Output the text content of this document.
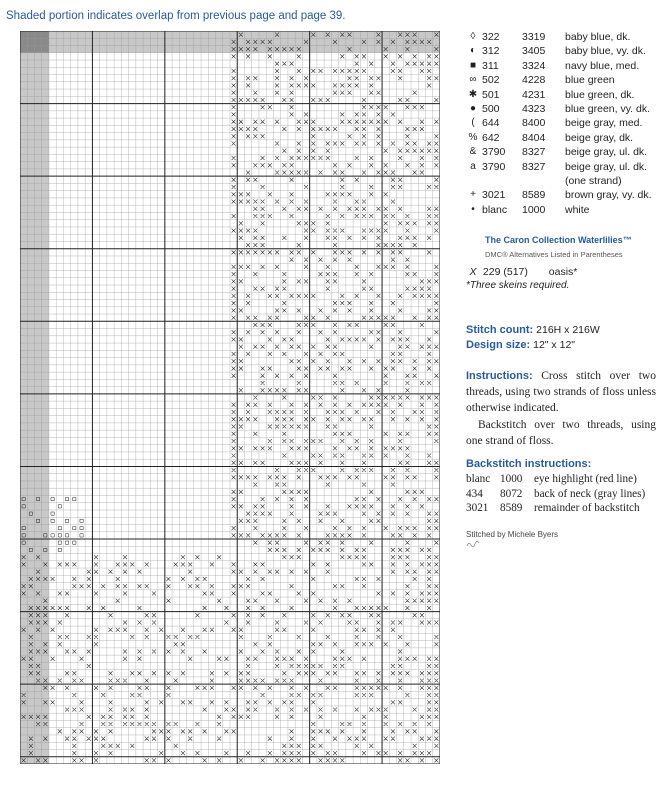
Shaded portion indicates overlap from previous page and page 39.
◊ 322 3319 baby blue, dk.
◐ 312 3405 baby blue, vy. dk.
■ 311 3324 navy blue, med.
∞ 502 4228 blue green
✱ 501 4231 blue green, dk.
● 500 4323 blue green, vy. dk.
( 644 8400 beige gray, med.
% 642 8404 beige gray, dk.
& 3790 8327 beige gray, ul. dk.
a 3790 8327 beige gray, ul. dk.
(one strand)
+ 3021 8589 brown gray, vy. dk.
• blanc 1000 white
The Caron Collection Waterlilies™
DMC® Alternatives Listed in Parentheses
X 229 (517) oasis*
*Three skeins required.
Stitch count: 216H x 216W
Design size: 12" x 12"

Instructions: Cross stitch over two threads, using two strands of floss unless otherwise indicated.

Backstitch over two threads, using one strand of floss.

Backstitch instructions:
blanc 1000 eye highlight (red line)
434 8072 back of neck (gray lines)
3021 8589 remainder of backstitch
Stitched by Michele Byers
